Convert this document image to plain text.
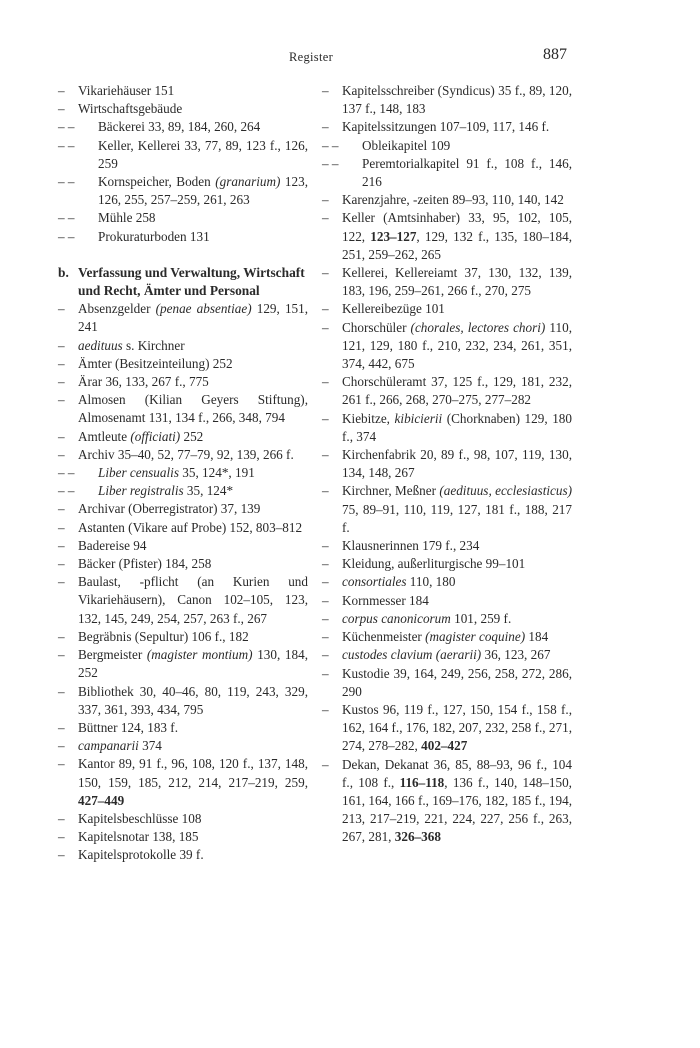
Register	887
– Vikariehäuser 151
– Wirtschaftsgebäude
– – Bäckerei 33, 89, 184, 260, 264
– – Keller, Kellerei 33, 77, 89, 123 f., 126, 259
– – Kornspeicher, Boden (granarium) 123, 126, 255, 257–259, 261, 263
– – Mühle 258
– – Prokuraturboden 131
b. Verfassung und Verwaltung, Wirtschaft und Recht, Ämter und Personal
– Absenzgelder (penae absentiae) 129, 151, 241
– aedituus s. Kirchner
– Ämter (Besitzeinteilung) 252
– Ärar 36, 133, 267 f., 775
– Almosen (Kilian Geyers Stiftung), Almosenamt 131, 134 f., 266, 348, 794
– Amtleute (officiati) 252
– Archiv 35–40, 52, 77–79, 92, 139, 266 f.
– – Liber censualis 35, 124*, 191
– – Liber registralis 35, 124*
– Archivar (Oberregistrator) 37, 139
– Astanten (Vikare auf Probe) 152, 803–812
– Badereise 94
– Bäcker (Pfister) 184, 258
– Baulast, -pflicht (an Kurien und Vikariehäusern), Canon 102–105, 123, 132, 145, 249, 254, 257, 263 f., 267
– Begräbnis (Sepultur) 106 f., 182
– Bergmeister (magister montium) 130, 184, 252
– Bibliothek 30, 40–46, 80, 119, 243, 329, 337, 361, 393, 434, 795
– Büttner 124, 183 f.
– campanarii 374
– Kantor 89, 91 f., 96, 108, 120 f., 137, 148, 150, 159, 185, 212, 214, 217–219, 259, 427–449
– Kapitelsbeschlüsse 108
– Kapitelsnotar 138, 185
– Kapitelsprotokolle 39 f.
– Kapitelsschreiber (Syndicus) 35 f., 89, 120, 137 f., 148, 183
– Kapitelssitzungen 107–109, 117, 146 f.
– – Obleikapitel 109
– – Peremtorialkapitel 91 f., 108 f., 146, 216
– Karenzjahre, -zeiten 89–93, 110, 140, 142
– Keller (Amtsinhaber) 33, 95, 102, 105, 122, 123–127, 129, 132 f., 135, 180–184, 251, 259–262, 265
– Kellerei, Kellereiamt 37, 130, 132, 139, 183, 196, 259–261, 266 f., 270, 275
– Kellereibezüge 101
– Chorschüler (chorales, lectores chori) 110, 121, 129, 180 f., 210, 232, 234, 261, 351, 374, 442, 675
– Chorschüleramt 37, 125 f., 129, 181, 232, 261 f., 266, 268, 270–275, 277–282
– Kiebitze, kibicierii (Chorknaben) 129, 180 f., 374
– Kirchenfabrik 20, 89 f., 98, 107, 119, 130, 134, 148, 267
– Kirchner, Meßner (aedituus, ecclesiasticus) 75, 89–91, 110, 119, 127, 181 f., 188, 217 f.
– Klausnerinnen 179 f., 234
– Kleidung, außerliturgische 99–101
– consortiales 110, 180
– Kornmesser 184
– corpus canonicorum 101, 259 f.
– Küchenmeister (magister coquine) 184
– custodes clavium (aerarii) 36, 123, 267
– Kustodie 39, 164, 249, 256, 258, 272, 286, 290
– Kustos 96, 119 f., 127, 150, 154 f., 158 f., 162, 164 f., 176, 182, 207, 232, 258 f., 271, 274, 278–282, 402–427
– Dekan, Dekanat 36, 85, 88–93, 96 f., 104 f., 108 f., 116–118, 136 f., 140, 148–150, 161, 164, 166 f., 169–176, 182, 185 f., 194, 213, 217–219, 221, 224, 227, 256 f., 263, 267, 281, 326–368
